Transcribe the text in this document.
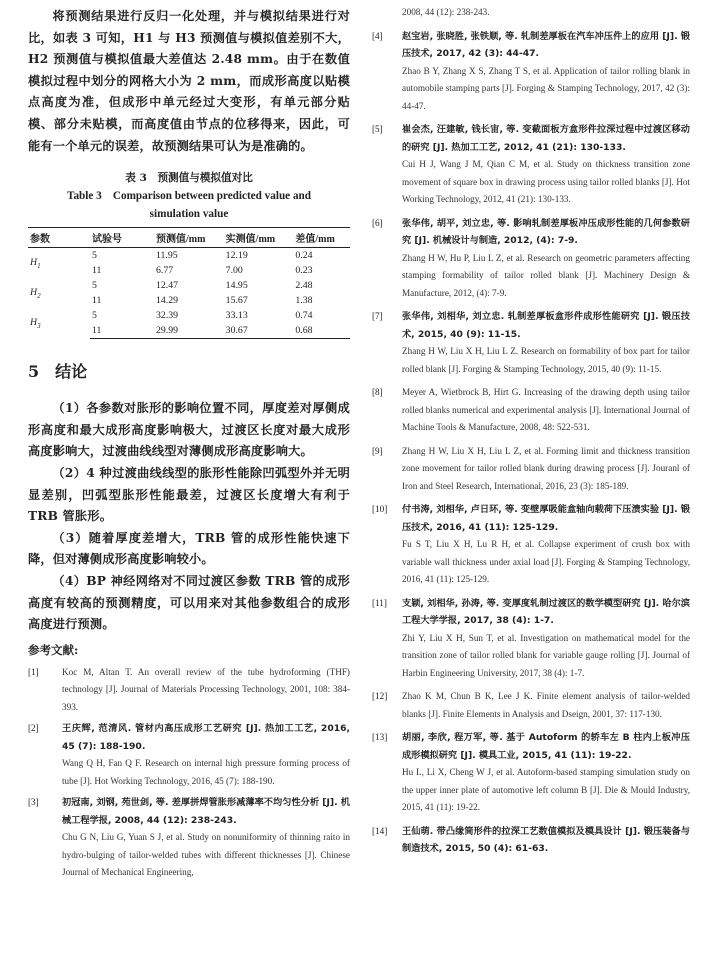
将预测结果进行反归一化处理，并与模拟结果进行对比，如表 3 可知，H1 与 H3 预测值与模拟值差别不大，H2 预测值与模拟值最大差值达 2.48 mm。由于在数值模拟过程中划分的网格大小为 2 mm，而成形高度以贴模点高度为准，但成形中单元经过大变形，有单元部分贴模、部分未贴模，而高度值由节点的位移得来，因此，可能有一个单元的误差，故预测结果可认为是准确的。

表 3　预测值与模拟值对比

Table 3　Comparison between predicted value and

simulation value

参数	试验号	预测值/mm	实测值/mm	差值/mm
$H_1$	5	11.95	12.19	0.24
	11	6.77	7.00	0.23
$H_2$	5	12.47	14.95	2.48
	11	14.29	15.67	1.38
$H_3$	5	32.39	33.13	0.74
	11	29.99	30.67	0.68

5　结论

（1）各参数对胀形的影响位置不同，厚度差对厚侧成形高度和最大成形高度影响极大，过渡区长度对最大成形高度影响大，过渡曲线线型对薄侧成形高度影响大。

（2）4 种过渡曲线线型的胀形性能除凹弧型外并无明显差别，凹弧型胀形性能最差，过渡区长度增大有利于 TRB 管胀形。

（3）随着厚度差增大，TRB 管的成形性能快速下降，但对薄侧成形高度影响较小。

（4）BP 神经网络对不同过渡区参数 TRB 管的成形高度有较高的预测精度，可以用来对其他参数组合的成形高度进行预测。

参考文献:

[1]	Koc M, Altan T. An overall review of the tube hydroforming (THF) technology [J]. Journal of Materials Processing Technology, 2001, 108: 384-393.
[2]	王庆辉, 范清风. 管材内高压成形工艺研究 [J]. 热加工工艺, 2016, 45 (7): 188-190.
Wang Q H, Fan Q F. Research on internal high pressure forming process of tube [J]. Hot Working Technology, 2016, 45 (7): 188-190.
[3]	初冠南, 刘钢, 苑世剑, 等. 差厚拼焊管胀形减薄率不均匀性分析 [J]. 机械工程学报, 2008, 44 (12): 238-243.
Chu G N, Liu G, Yuan S J, et al. Study on nonuniformity of thinning raito in hydro-bulging of tailor-welded tubes with different thicknesses [J]. Chinese Journal of Mechanical Engineering,
2008, 44 (12): 238-243.
[4] 赵宝岩, 张晓胜, 张铁顺, 等. 轧制差厚板在汽车冲压件上的应用 [J]. 锻压技术, 2017, 42 (3): 44-47.
Zhao B Y, Zhang X S, Zhang T S, et al. Application of tailor rolling blank in automobile stamping parts [J]. Forging & Stamping Technology, 2017, 42 (3): 44-47.
[5] 崔会杰, 汪建敏, 钱长宙, 等. 变截面板方盒形件拉深过程中过渡区移动的研究 [J]. 热加工工艺, 2012, 41 (21): 130-133.
Cui H J, Wang J M, Qian C M, et al. Study on thickness transition zone movement of square box in drawing process using tailor rolled blanks [J]. Hot Working Technology, 2012, 41 (21): 130-133.
[6] 张华伟, 胡平, 刘立忠, 等. 影响轧制差厚板冲压成形性能的几何参数研究 [J]. 机械设计与制造, 2012, (4): 7-9.
Zhang H W, Hu P, Liu L Z, et al. Research on geometric parameters affecting stamping formability of tailor rolled blank [J]. Machinery Design & Manufacture, 2012, (4): 7-9.
[7] 张华伟, 刘相华, 刘立忠. 轧制差厚板盒形件成形性能研究 [J]. 锻压技术, 2015, 40 (9): 11-15.
Zhang H W, Liu X H, Liu L Z. Research on formability of box part for tailor rolled blank [J]. Forging & Stamping Technology, 2015, 40 (9): 11-15.
[8] Meyer A, Wietbrock B, Hirt G. Increasing of the drawing depth using tailor rolled blanks numerical and experimental analysis [J]. International Journal of Machine Tools & Manufacture, 2008, 48: 522-531.
[9] Zhang H W, Liu X H, Liu L Z, et al. Forming limit and thickness transition zone movement for tailor rolled blank during drawing process [J]. Jouranl of Iron and Steel Research, International, 2016, 23 (3): 185-189.
[10] 付书涛, 刘相华, 卢日环, 等. 变壁厚吸能盒轴向载荷下压溃实验 [J]. 锻压技术, 2016, 41 (11): 125-129.
Fu S T, Liu X H, Lu R H, et al. Collapse experiment of crush box with variable wall thickness under axial load [J]. Forging & Stamping Technology, 2016, 41 (11): 125-129.
[11] 支颖, 刘相华, 孙涛, 等. 变厚度轧制过渡区的数学模型研究 [J]. 哈尔滨工程大学学报, 2017, 38 (4): 1-7.
Zhi Y, Liu X H, Sun T, et al. Investigation on mathematical model for the transition zone of tailor rolled blank for variable gauge rolling [J]. Journal of Harbin Engineering University, 2017, 38 (4): 1-7.
[12] Zhao K M, Chun B K, Lee J K. Finite element analysis of tailor-welded blanks [J]. Finite Elements in Analysis and Dseign, 2001, 37: 117-130.
[13] 胡丽, 李欣, 程万军, 等. 基于 Autoform 的轿车左 B 柱内上板冲压成形模拟研究 [J]. 模具工业, 2015, 41 (11): 19-22.
Hu L, Li X, Cheng W J, et al. Autoform-based stamping simulation study on the upper inner plate of automotive left column B [J]. Die & Mould Industry, 2015, 41 (11): 19-22.
[14] 王仙萌. 带凸缘筒形件的拉深工艺数值模拟及模具设计 [J]. 锻压装备与制造技术, 2015, 50 (4): 61-63.
